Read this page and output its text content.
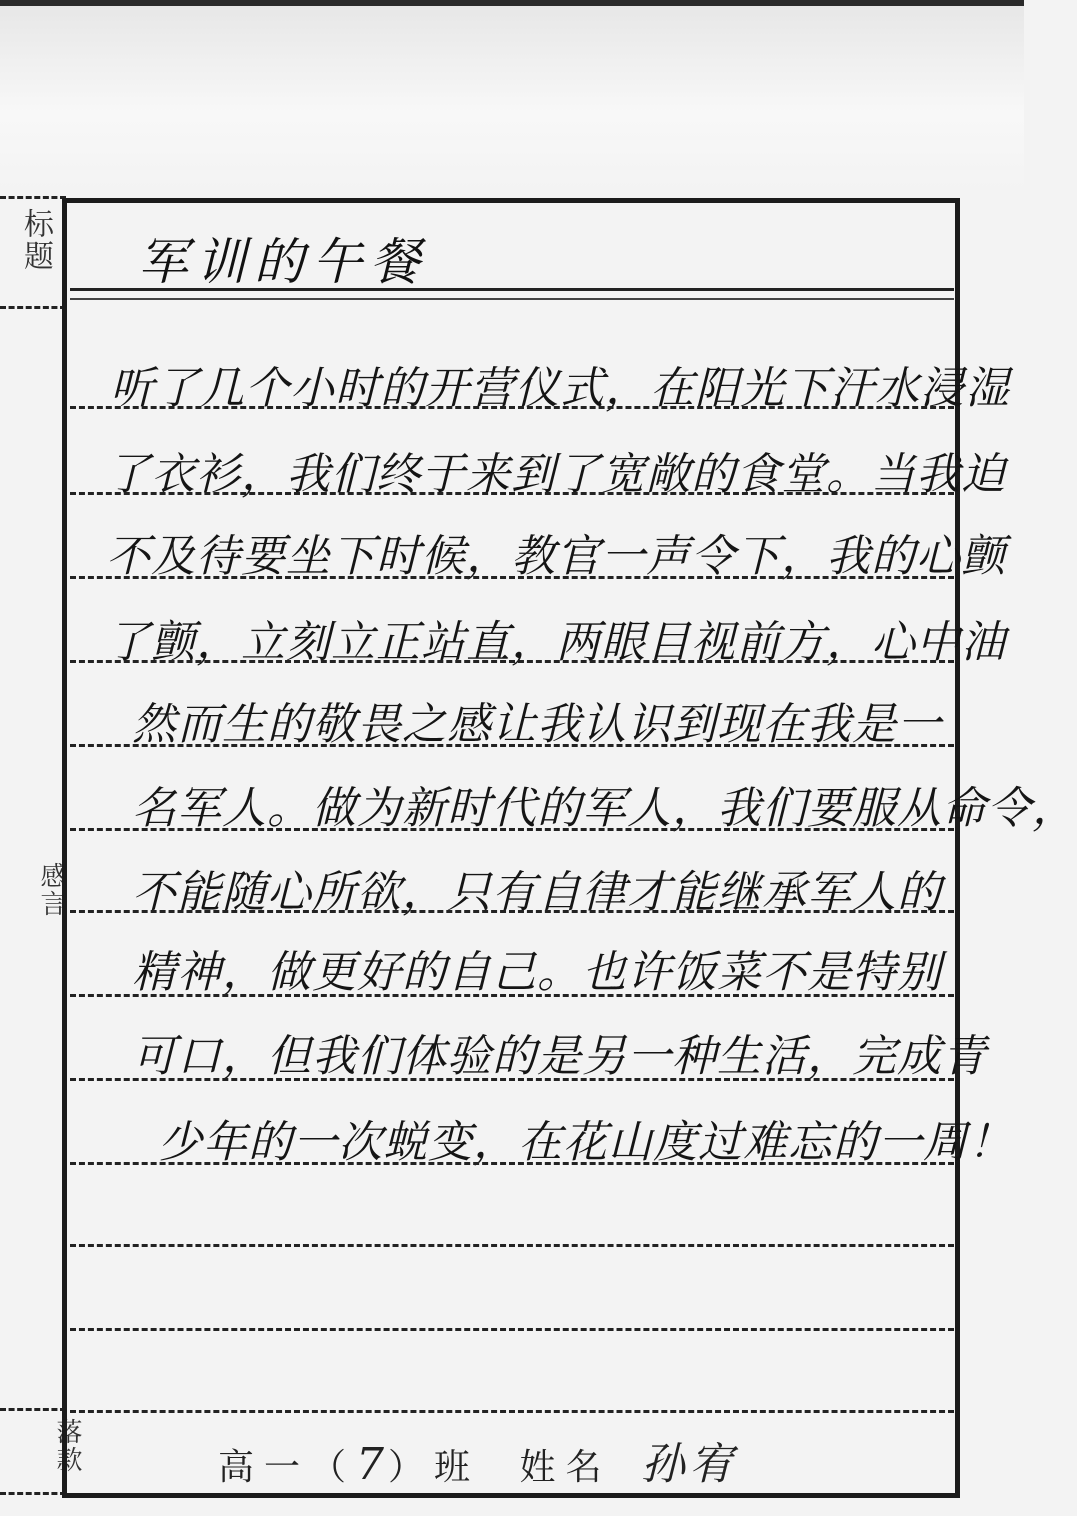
标题
感言
落款
军训的午餐
听了几个小时的开营仪式，在阳光下汗水浸湿
了衣衫，我们终于来到了宽敞的食堂。当我迫
不及待要坐下时候，教官一声令下，我的心颤
了颤，立刻立正站直，两眼目视前方，心中油
然而生的敬畏之感让我认识到现在我是一
名军人。做为新时代的军人，我们要服从命令，
不能随心所欲，只有自律才能继承军人的
精神，做更好的自己。也许饭菜不是特别
可口，但我们体验的是另一种生活，完成青
少年的一次蜕变，在花山度过难忘的一周！
高一（7）班 姓名 孙宥
